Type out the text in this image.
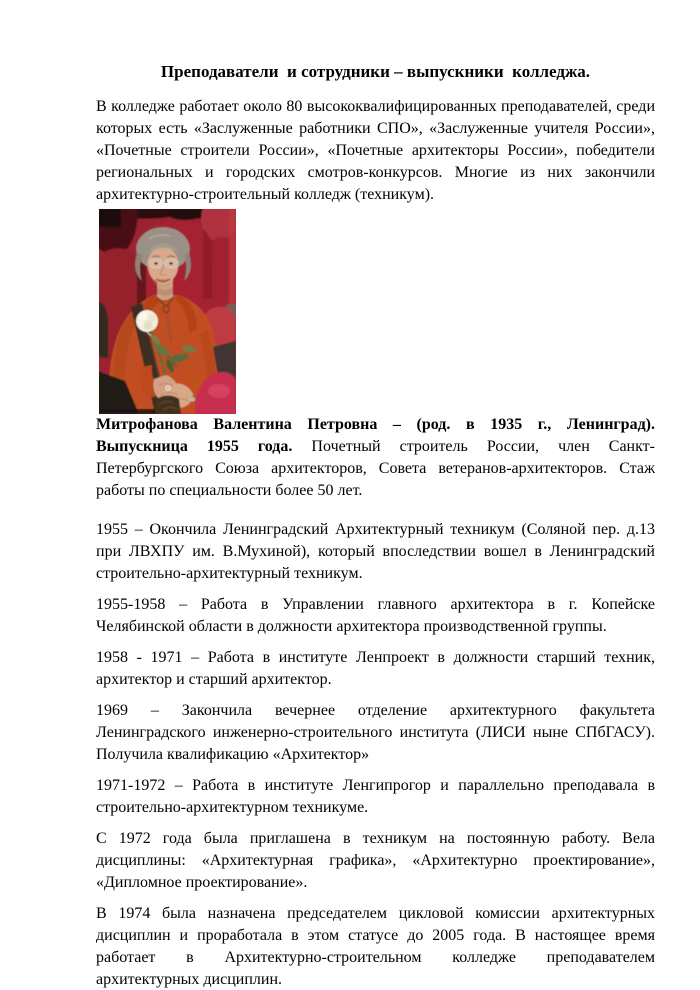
Преподаватели  и сотрудники – выпускники  колледжа.

В колледже работает около 80 высококвалифицированных преподавателей, среди которых есть «Заслуженные работники СПО», «Заслуженные учителя России», «Почетные строители России», «Почетные архитекторы России», победители региональных и городских смотров-конкурсов. Многие из них закончили архитектурно-строительный колледж (техникум).

Митрофанова Валентина Петровна – (род. в 1935 г., Ленинград). Выпускница 1955 года. Почетный строитель России, член Санкт-Петербургского Союза архитекторов, Совета ветеранов-архитекторов. Стаж работы по специальности более 50 лет.

1955 – Окончила Ленинградский Архитектурный техникум (Соляной пер. д.13 при ЛВХПУ им. В.Мухиной), который впоследствии вошел в Ленинградский строительно-архитектурный техникум.

1955-1958 – Работа в Управлении главного архитектора в г. Копейске Челябинской области в должности архитектора производственной группы.

1958 - 1971 – Работа в институте Ленпроект в должности старший техник, архитектор и старший архитектор.

1969 – Закончила вечернее отделение архитектурного факультета Ленинградского инженерно-строительного института (ЛИСИ ныне СПбГАСУ). Получила квалификацию «Архитектор»

1971-1972 – Работа в институте Ленгипрогор и параллельно преподавала в строительно-архитектурном техникуме.

С 1972 года была приглашена в техникум на постоянную работу. Вела дисциплины: «Архитектурная графика», «Архитектурно проектирование», «Дипломное проектирование».

В 1974 была назначена председателем цикловой комиссии архитектурных дисциплин и проработала в этом статусе до 2005 года. В настоящее время работает в Архитектурно-строительном колледже преподавателем архитектурных дисциплин.
